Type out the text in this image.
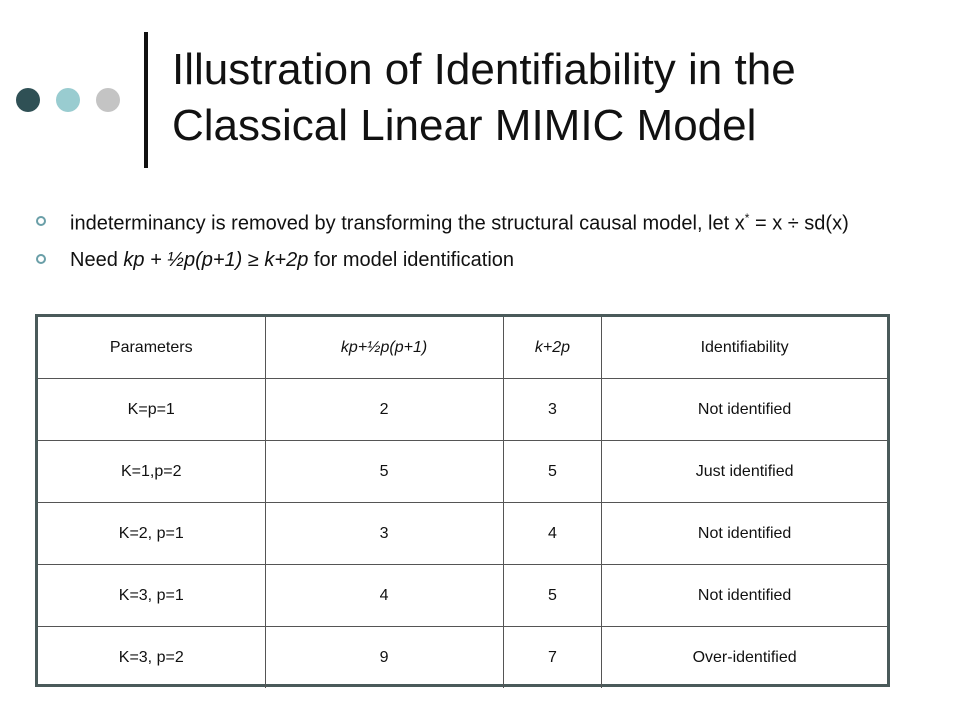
Illustration of Identifiability in the
Classical Linear MIMIC Model
indeterminancy is removed by transforming the structural causal model, let x* = x ÷ sd(x)
Need kp + ½p(p+1) ≥ k+2p for model identification
Parameters	kp+½p(p+1)	k+2p	Identifiability
K=p=1	2	3	Not identified
K=1,p=2	5	5	Just identified
K=2, p=1	3	4	Not identified
K=3, p=1	4	5	Not identified
K=3, p=2	9	7	Over-identified
